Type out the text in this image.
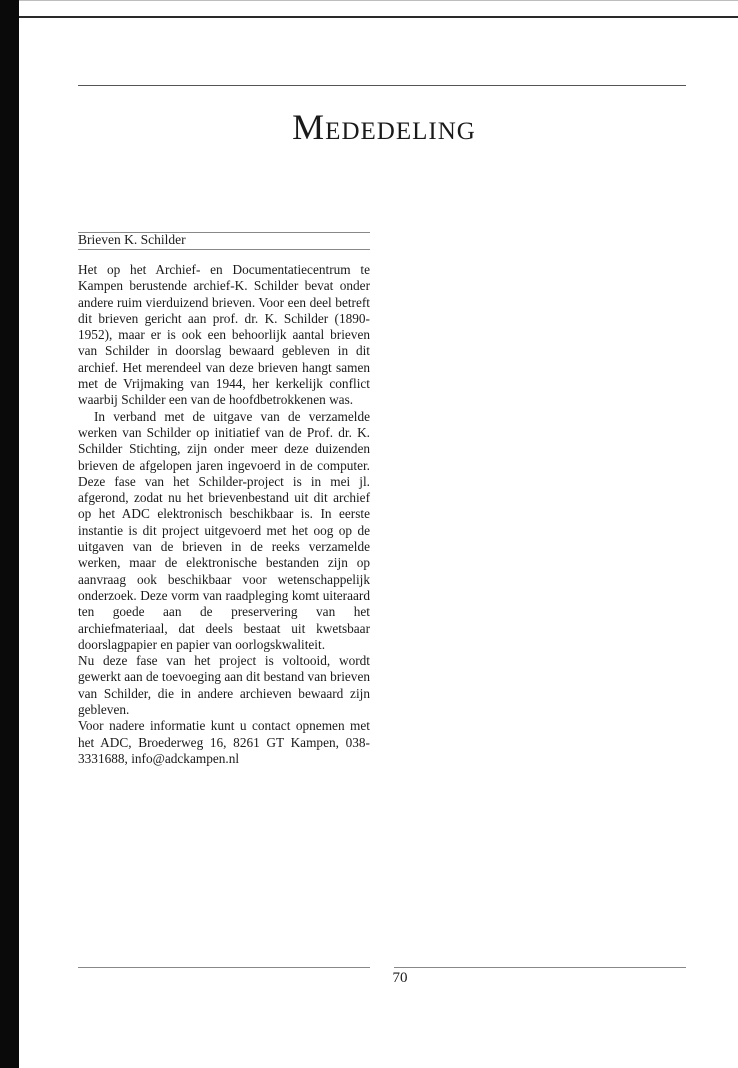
Mededeling
Brieven K. Schilder

Het op het Archief- en Documentatiecentrum te Kampen berustende archief-K. Schilder bevat onder andere ruim vierduizend brieven. Voor een deel betreft dit brieven gericht aan prof. dr. K. Schilder (1890-1952), maar er is ook een behoorlijk aantal brieven van Schilder in doorslag bewaard gebleven in dit archief. Het merendeel van deze brieven hangt samen met de Vrijmaking van 1944, her kerkelijk conflict waarbij Schilder een van de hoofdbetrokkenen was.

In verband met de uitgave van de verzamelde werken van Schilder op initiatief van de Prof. dr. K. Schilder Stichting, zijn onder meer deze duizenden brieven de afgelopen jaren ingevoerd in de computer. Deze fase van het Schilder-project is in mei jl. afgerond, zodat nu het brievenbestand uit dit archief op het ADC elektronisch beschikbaar is. In eerste instantie is dit project uitgevoerd met het oog op de uitgaven van de brieven in de reeks verzamelde werken, maar de elektronische bestanden zijn op aanvraag ook beschikbaar voor wetenschappelijk onderzoek. Deze vorm van raadpleging komt uiteraard ten goede aan de preservering van het archiefmateriaal, dat deels bestaat uit kwetsbaar doorslagpapier en papier van oorlogskwaliteit.

Nu deze fase van het project is voltooid, wordt gewerkt aan de toevoeging aan dit bestand van brieven van Schilder, die in andere archieven bewaard zijn gebleven.

Voor nadere informatie kunt u contact opnemen met het ADC, Broederweg 16, 8261 GT Kampen, 038-3331688, info@adckampen.nl

70
